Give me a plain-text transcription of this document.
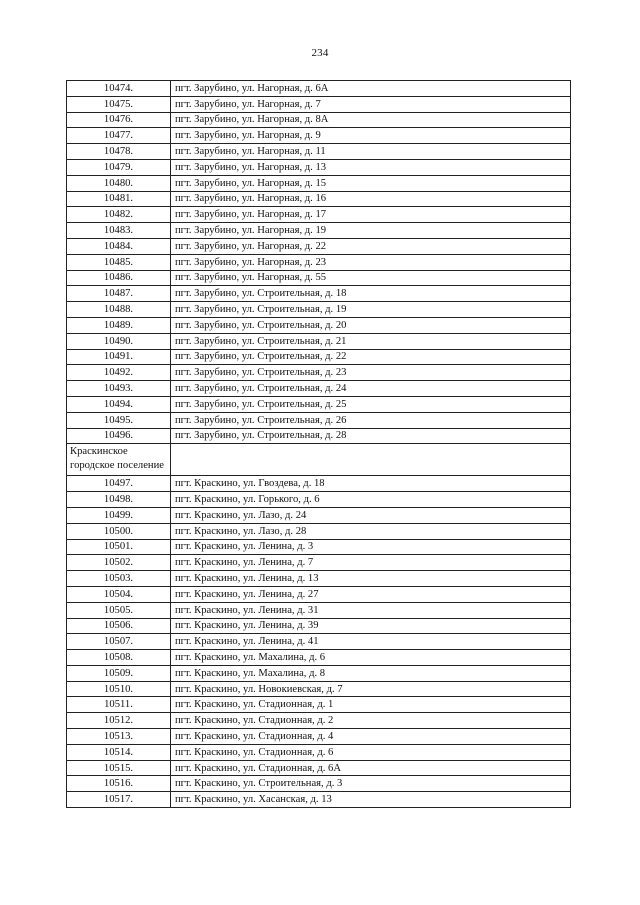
234
10474.	пгт. Зарубино, ул. Нагорная, д. 6А
10475.	пгт. Зарубино, ул. Нагорная, д. 7
10476.	пгт. Зарубино, ул. Нагорная, д. 8А
10477.	пгт. Зарубино, ул. Нагорная, д. 9
10478.	пгт. Зарубино, ул. Нагорная, д. 11
10479.	пгт. Зарубино, ул. Нагорная, д. 13
10480.	пгт. Зарубино, ул. Нагорная, д. 15
10481.	пгт. Зарубино, ул. Нагорная, д. 16
10482.	пгт. Зарубино, ул. Нагорная, д. 17
10483.	пгт. Зарубино, ул. Нагорная, д. 19
10484.	пгт. Зарубино, ул. Нагорная, д. 22
10485.	пгт. Зарубино, ул. Нагорная, д. 23
10486.	пгт. Зарубино, ул. Нагорная, д. 55
10487.	пгт. Зарубино, ул. Строительная, д. 18
10488.	пгт. Зарубино, ул. Строительная, д. 19
10489.	пгт. Зарубино, ул. Строительная, д. 20
10490.	пгт. Зарубино, ул. Строительная, д. 21
10491.	пгт. Зарубино, ул. Строительная, д. 22
10492.	пгт. Зарубино, ул. Строительная, д. 23
10493.	пгт. Зарубино, ул. Строительная, д. 24
10494.	пгт. Зарубино, ул. Строительная, д. 25
10495.	пгт. Зарубино, ул. Строительная, д. 26
10496.	пгт. Зарубино, ул. Строительная, д. 28
Краскинское городское поселение	
10497.	пгт. Краскино, ул. Гвоздева, д. 18
10498.	пгт. Краскино, ул. Горького, д. 6
10499.	пгт. Краскино, ул. Лазо, д. 24
10500.	пгт. Краскино, ул. Лазо, д. 28
10501.	пгт. Краскино, ул. Ленина, д. 3
10502.	пгт. Краскино, ул. Ленина, д. 7
10503.	пгт. Краскино, ул. Ленина, д. 13
10504.	пгт. Краскино, ул. Ленина, д. 27
10505.	пгт. Краскино, ул. Ленина, д. 31
10506.	пгт. Краскино, ул. Ленина, д. 39
10507.	пгт. Краскино, ул. Ленина, д. 41
10508.	пгт. Краскино, ул. Махалина, д. 6
10509.	пгт. Краскино, ул. Махалина, д. 8
10510.	пгт. Краскино, ул. Новокиевская, д. 7
10511.	пгт. Краскино, ул. Стадионная, д. 1
10512.	пгт. Краскино, ул. Стадионная, д. 2
10513.	пгт. Краскино, ул. Стадионная, д. 4
10514.	пгт. Краскино, ул. Стадионная, д. 6
10515.	пгт. Краскино, ул. Стадионная, д. 6А
10516.	пгт. Краскино, ул. Строительная, д. 3
10517.	пгт. Краскино, ул. Хасанская, д. 13
